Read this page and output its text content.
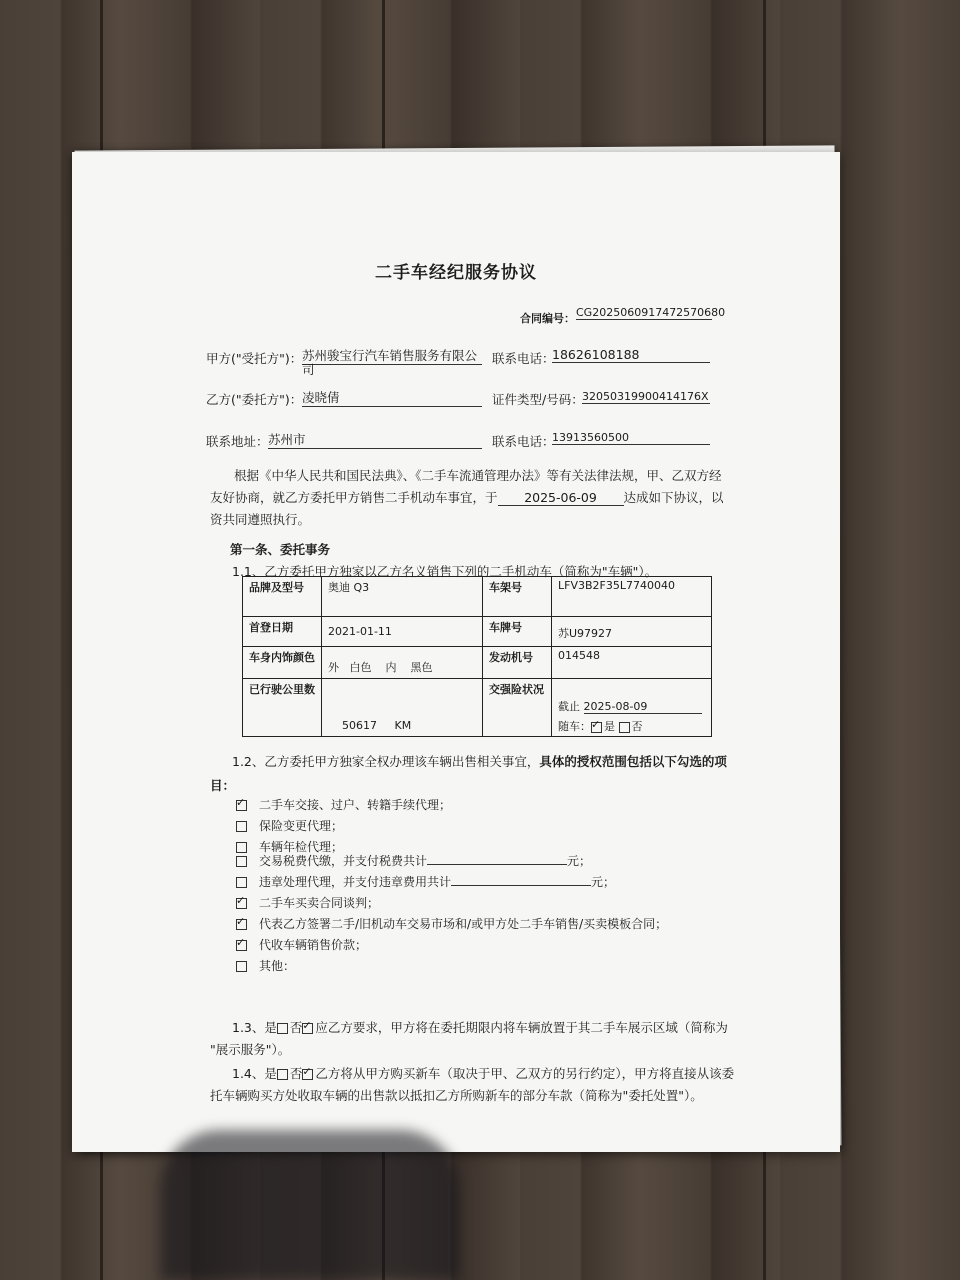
二手车经纪服务协议
合同编号： CG2025060917472570680
甲方("受托方")： 苏州骏宝行汽车销售服务有限公
司
联系电话：
18626108188
乙方("委托方")： 凌晓倩	证件类型/号码：
32050319900414176X
联系地址： 苏州市	联系电话：
13913560500
根据《中华人民共和国民法典》、《二手车流通管理办法》等有关法律法规，甲、乙双方经
友好协商，就乙方委托甲方销售二手机动车事宜，于 2025-06-09 达成如下协议，以
资共同遵照执行。
第一条、委托事务
1.1、乙方委托甲方独家以乙方名义销售下列的二手机动车（简称为"车辆"）。
品牌及型号	奥迪 Q3	车架号	LFV3B2F35L7740040
首登日期	2021-01-11	车牌号	苏U97927
车身内饰颜色	外 白色 内 黑色	发动机号	014548
已行驶公里数	50617 KM	交强险状况	截止 2025-08-09
随车： ✓ 是 否
1.2、乙方委托甲方独家全权办理该车辆出售相关事宜，具体的授权范围包括以下勾选的项
目：
✓二手车交接、过户、转籍手续代理；
保险变更代理；
车辆年检代理；
交易税费代缴，并支付税费共计	元；
违章处理代理，并支付违章费用共计	元；
✓二手车买卖合同谈判；
✓代表乙方签署二手/旧机动车交易市场和/或甲方处二手车销售/买卖模板合同；
✓代收车辆销售价款；
其他：
1.3、是 否 ✓ 应乙方要求，甲方将在委托期限内将车辆放置于其二手车展示区域（简称为
"展示服务"）。
1.4、是 否 ✓ 乙方将从甲方购买新车（取决于甲、乙双方的另行约定），甲方将直接从该委
托车辆购买方处收取车辆的出售款以抵扣乙方所购新车的部分车款（简称为"委托处置"）。
